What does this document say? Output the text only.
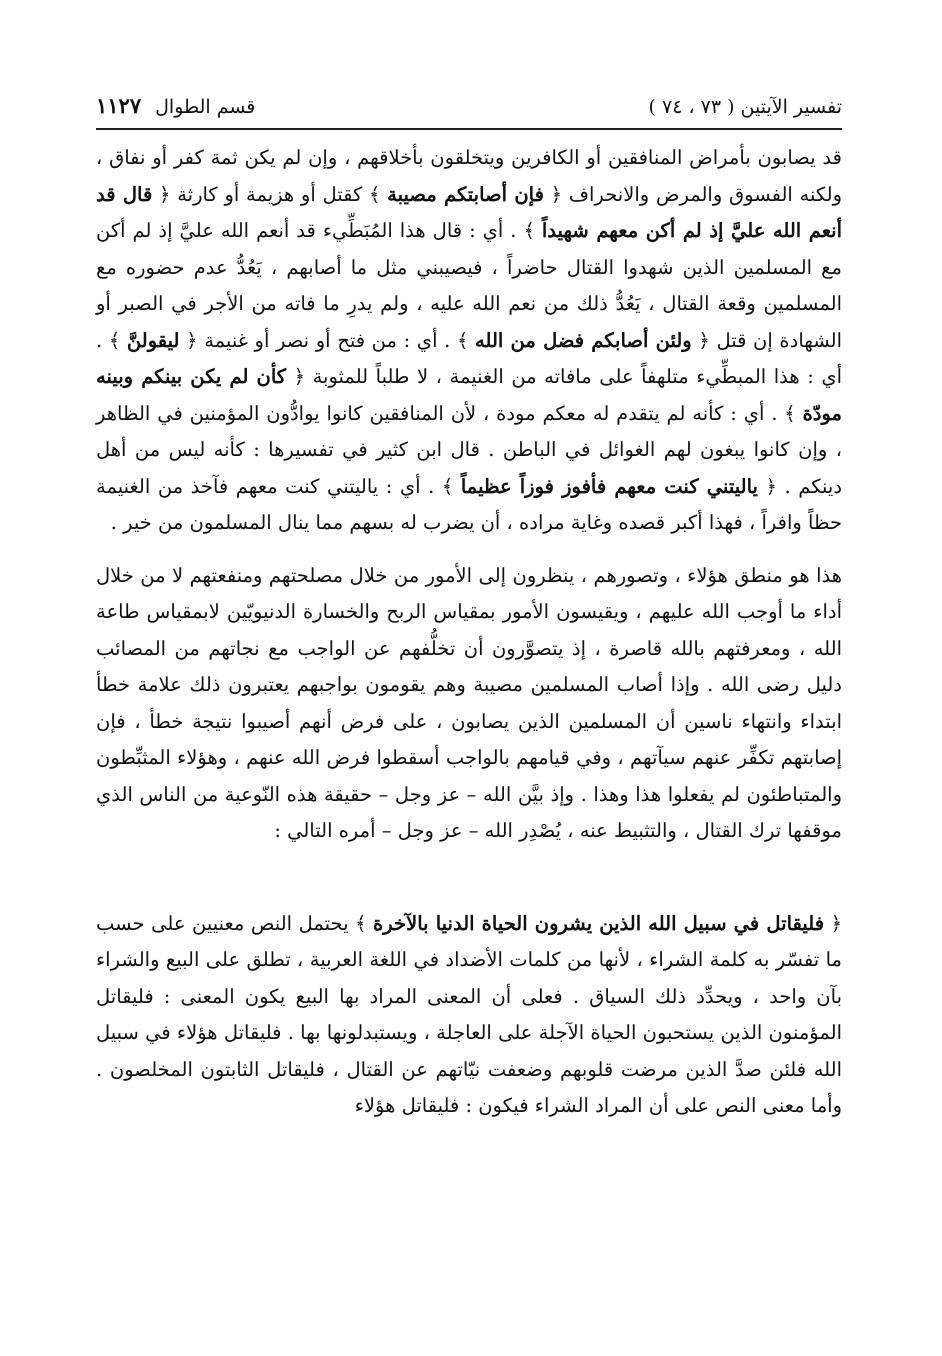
تفسير الآيتين ( ٧٣ ، ٧٤ )
قسم الطوال
١١٢٧

قد يصابون بأمراض المنافقين أو الكافرين ويتخلقون بأخلاقهم ، وإن لم يكن ثمة كفر أو نفاق ، ولكنه الفسوق والمرض والانحراف ﴿ فإن أصابتكم مصيبة ﴾ كقتل أو هزيمة أو كارثة ﴿ قال قد أنعم الله عليَّ إذ لم أكن معهم شهيداً ﴾ . أي : قال هذا المُبَطِّيء قد أنعم الله عليَّ إذ لم أكن مع المسلمين الذين شهدوا القتال حاضراً ، فيصيبني مثل ما أصابهم ، يَعُدُّ عدم حضوره مع المسلمين وقعة القتال ، يَعُدُّ ذلك من نعم الله عليه ، ولم يدرِ ما فاته من الأجر في الصبر أو الشهادة إن قتل ﴿ ولئن أصابكم فضل من الله ﴾ . أي : من فتح أو نصر أو غنيمة ﴿ ليقولنَّ ﴾ . أي : هذا المبطِّيء متلهفاً على مافاته من الغنيمة ، لا طلباً للمثوبة ﴿ كأن لم يكن بينكم وبينه مودّة ﴾ . أي : كأنه لم يتقدم له معكم مودة ، لأن المنافقين كانوا يوادُّون المؤمنين في الظاهر ، وإن كانوا يبغون لهم الغوائل في الباطن . قال ابن كثير في تفسيرها : كأنه ليس من أهل دينكم . ﴿ ياليتني كنت معهم فأفوز فوزاً عظيماً ﴾ . أي : ياليتني كنت معهم فآخذ من الغنيمة حظاً وافراً ، فهذا أكبر قصده وغاية مراده ، أن يضرب له بسهم مما ينال المسلمون من خير .

هذا هو منطق هؤلاء ، وتصورهم ، ينظرون إلى الأمور من خلال مصلحتهم ومنفعتهم لا من خلال أداء ما أوجب الله عليهم ، ويقيسون الأمور بمقياس الربح والخسارة الدنيويّين لابمقياس طاعة الله ، ومعرفتهم بالله قاصرة ، إذ يتصوَّرون أن تخلُّفهم عن الواجب مع نجاتهم من المصائب دليل رضى الله . وإذا أصاب المسلمين مصيبة وهم يقومون بواجبهم يعتبرون ذلك علامة خطأ ابتداء وانتهاء ناسين أن المسلمين الذين يصابون ، على فرض أنهم أصيبوا نتيجة خطأ ، فإن إصابتهم تكفِّر عنهم سيآتهم ، وفي قيامهم بالواجب أسقطوا فرض الله عنهم ، وهؤلاء المثبِّطون والمتباطئون لم يفعلوا هذا وهذا . وإذ بيَّن الله – عز وجل – حقيقة هذه النّوعية من الناس الذي موقفها ترك القتال ، والتثبيط عنه ، يُصْدِر الله – عز وجل – أمره التالي :

﴿ فليقاتل في سبيل الله الذين يشرون الحياة الدنيا بالآخرة ﴾ يحتمل النص معنيين على حسب ما تفسّر به كلمة الشراء ، لأنها من كلمات الأضداد في اللغة العربية ، تطلق على البيع والشراء بآن واحد ، ويحدِّد ذلك السياق . فعلى أن المعنى المراد بها البيع يكون المعنى : فليقاتل المؤمنون الذين يستحبون الحياة الآجلة على العاجلة ، ويستبدلونها بها . فليقاتل هؤلاء في سبيل الله فلئن صدَّ الذين مرضت قلوبهم وضعفت نيّاتهم عن القتال ، فليقاتل الثابتون المخلصون . وأما معنى النص على أن المراد الشراء فيكون : فليقاتل هؤلاء
